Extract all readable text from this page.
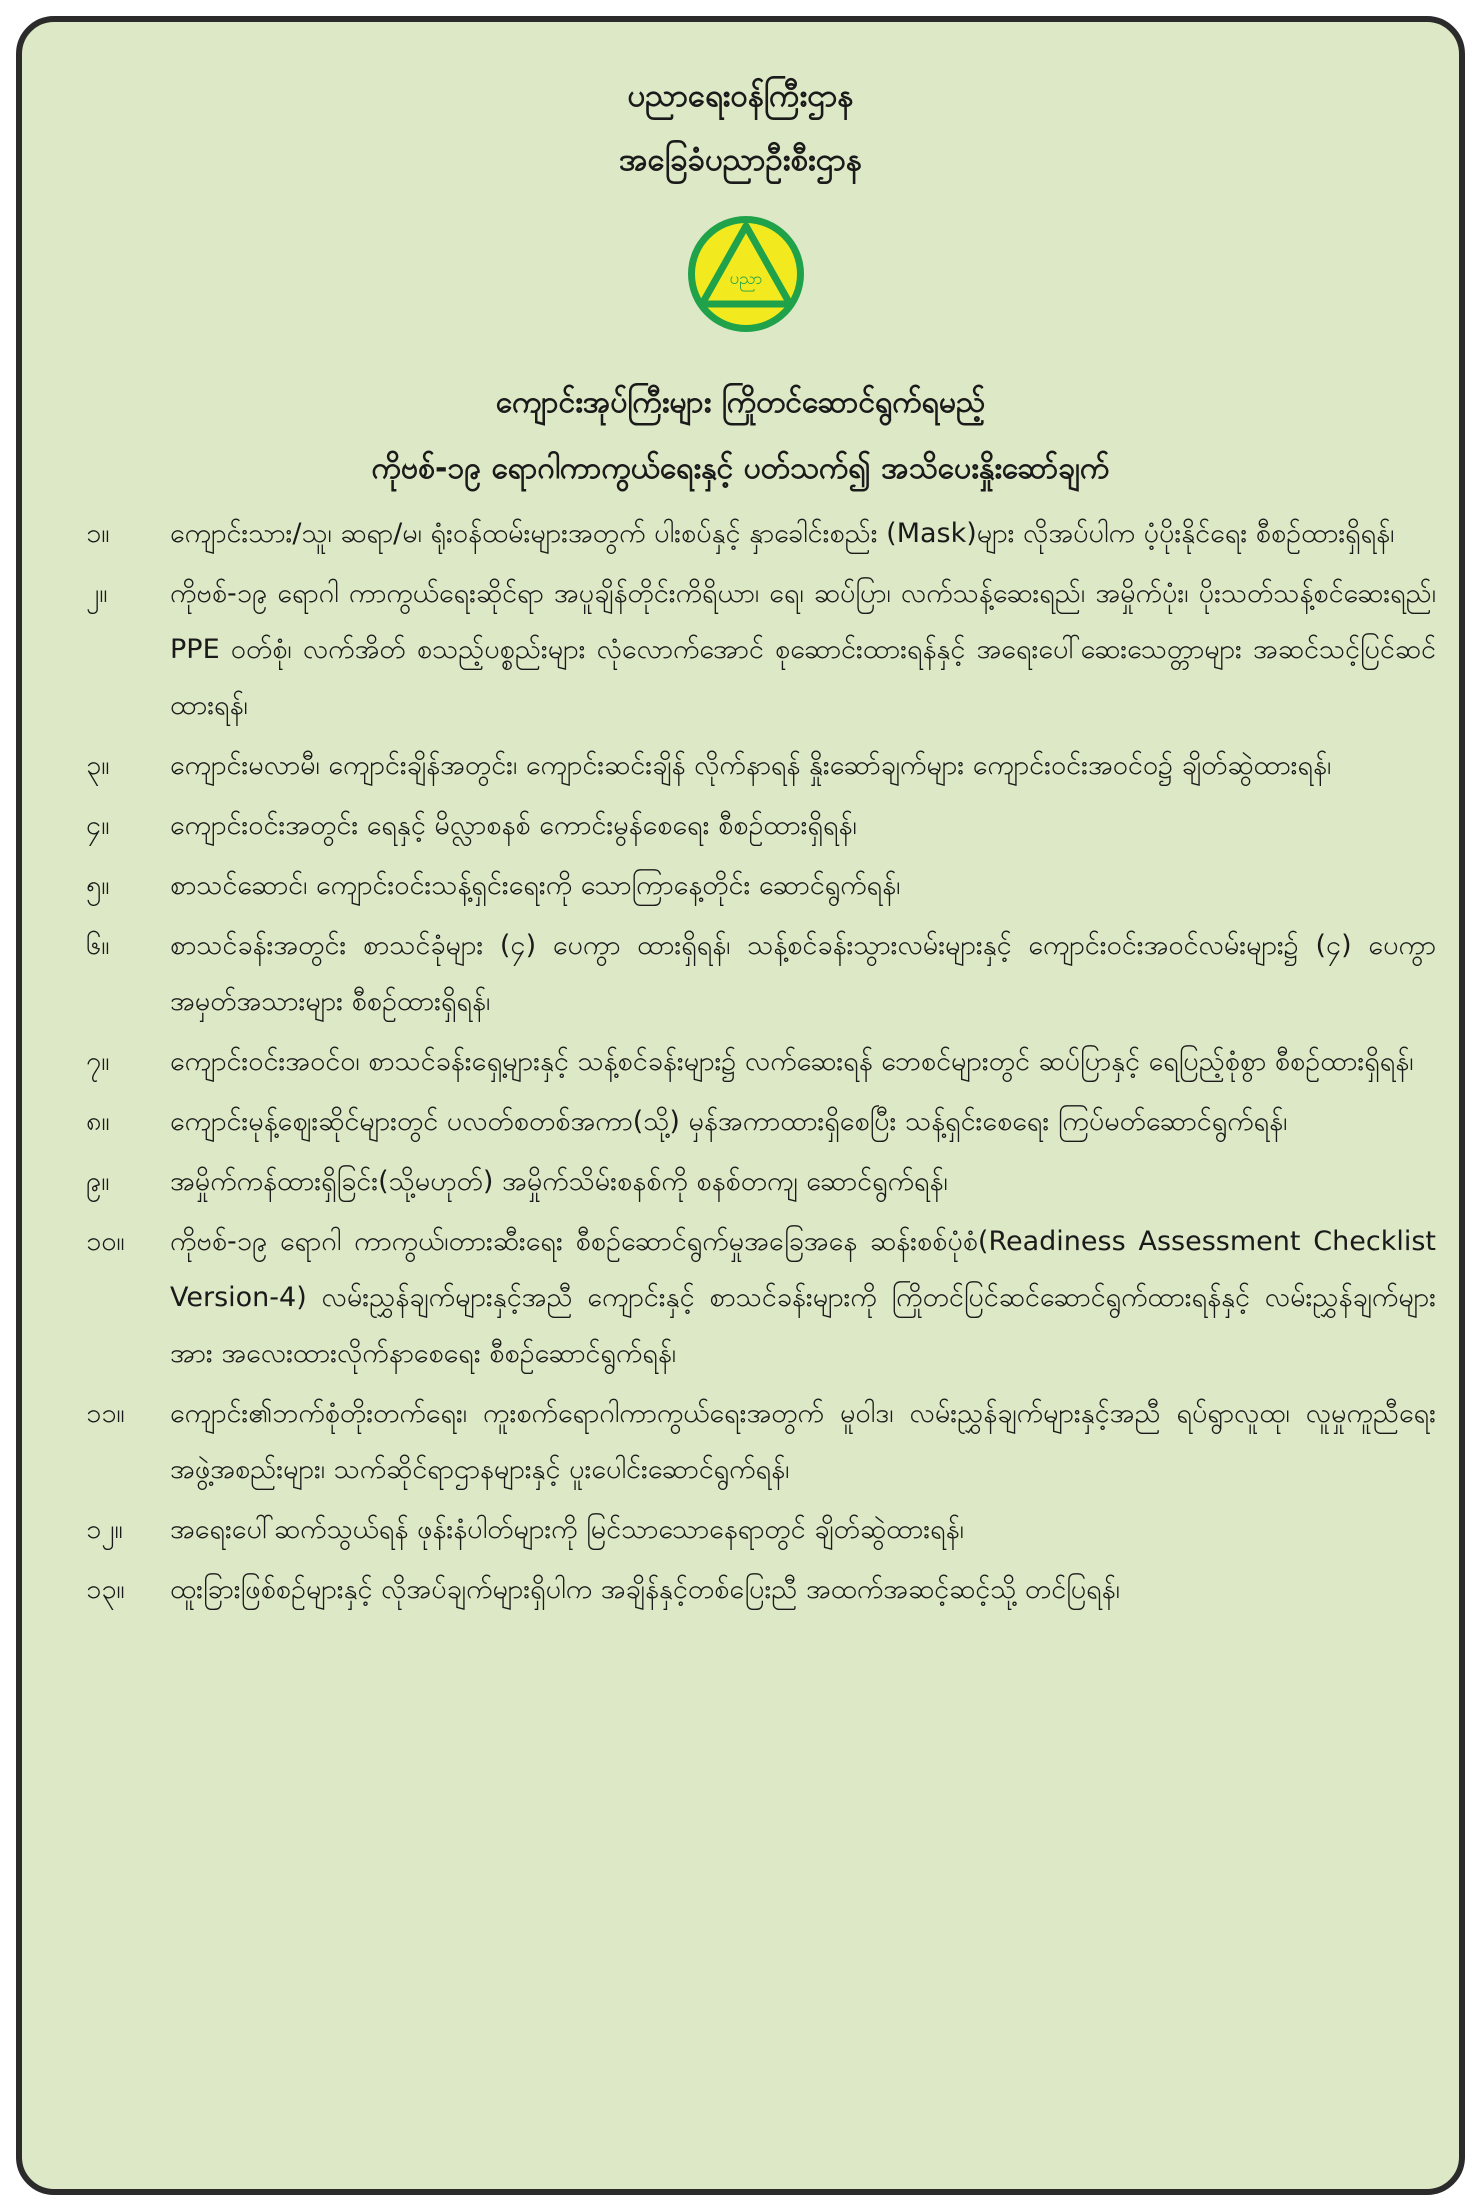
ပညာရေးဝန်ကြီးဌာန
အခြေခံပညာဦးစီးဌာန
ပညာ
ကျောင်းအုပ်ကြီးများ ကြိုတင်ဆောင်ရွက်ရမည့်
ကိုဗစ်-၁၉ ရောဂါကာကွယ်ရေးနှင့် ပတ်သက်၍ အသိပေးနှိုးဆော်ချက်
၁။	ကျောင်းသား/သူ၊ ဆရာ/မ၊ ရုံးဝန်ထမ်းများအတွက် ပါးစပ်နှင့် နှာခေါင်းစည်း (Mask)များ လိုအပ်ပါက ပံ့ပိုးနိုင်ရေး စီစဉ်ထားရှိရန်၊
၂။	ကိုဗစ်-၁၉ ရောဂါ ကာကွယ်ရေးဆိုင်ရာ အပူချိန်တိုင်းကိရိယာ၊ ရေ၊ ဆပ်ပြာ၊ လက်သန့်ဆေးရည်၊ အမှိုက်ပုံး၊ ပိုးသတ်သန့်စင်ဆေးရည်၊ PPE ဝတ်စုံ၊ လက်အိတ် စသည့်ပစ္စည်းများ လုံလောက်အောင် စုဆောင်းထားရန်နှင့် အရေးပေါ်ဆေးသေတ္တာများ အဆင်သင့်ပြင်ဆင်ထားရန်၊
၃။	ကျောင်းမလာမီ၊ ကျောင်းချိန်အတွင်း၊ ကျောင်းဆင်းချိန် လိုက်နာရန် နှိုးဆော်ချက်များ ကျောင်းဝင်းအဝင်ဝ၌ ချိတ်ဆွဲထားရန်၊
၄။	ကျောင်းဝင်းအတွင်း ရေနှင့် မိလ္လာစနစ် ကောင်းမွန်စေရေး စီစဉ်ထားရှိရန်၊
၅။	စာသင်ဆောင်၊ ကျောင်းဝင်းသန့်ရှင်းရေးကို သောကြာနေ့တိုင်း ဆောင်ရွက်ရန်၊
၆။	စာသင်ခန်းအတွင်း စာသင်ခုံများ (၄) ပေကွာ ထားရှိရန်၊ သန့်စင်ခန်းသွားလမ်းများနှင့် ကျောင်းဝင်းအဝင်လမ်းများ၌ (၄) ပေကွာ အမှတ်အသားများ စီစဉ်ထားရှိရန်၊
၇။	ကျောင်းဝင်းအဝင်ဝ၊ စာသင်ခန်းရှေ့များနှင့် သန့်စင်ခန်းများ၌ လက်ဆေးရန် ဘေစင်များတွင် ဆပ်ပြာနှင့် ရေပြည့်စုံစွာ စီစဉ်ထားရှိရန်၊
၈။	ကျောင်းမုန့်ဈေးဆိုင်များတွင် ပလတ်စတစ်အကာ(သို့) မှန်အကာထားရှိစေပြီး သန့်ရှင်းစေရေး ကြပ်မတ်ဆောင်ရွက်ရန်၊
၉။	အမှိုက်ကန်ထားရှိခြင်း(သို့မဟုတ်) အမှိုက်သိမ်းစနစ်ကို စနစ်တကျ ဆောင်ရွက်ရန်၊
၁၀။	ကိုဗစ်-၁၉ ရောဂါ ကာကွယ်၊တားဆီးရေး စီစဉ်ဆောင်ရွက်မှုအခြေအနေ ဆန်းစစ်ပုံစံ(Readiness Assessment Checklist Version-4) လမ်းညွှန်ချက်များနှင့်အညီ ကျောင်းနှင့် စာသင်ခန်းများကို ကြိုတင်ပြင်ဆင်ဆောင်ရွက်ထားရန်နှင့် လမ်းညွှန်ချက်များအား အလေးထားလိုက်နာစေရေး စီစဉ်ဆောင်ရွက်ရန်၊
၁၁။	ကျောင်း၏ဘက်စုံတိုးတက်ရေး၊ ကူးစက်ရောဂါကာကွယ်ရေးအတွက် မူဝါဒ၊ လမ်းညွှန်ချက်များနှင့်အညီ ရပ်ရွာလူထု၊ လူမှုကူညီရေးအဖွဲ့အစည်းများ၊ သက်ဆိုင်ရာဌာနများနှင့် ပူးပေါင်းဆောင်ရွက်ရန်၊
၁၂။	အရေးပေါ်ဆက်သွယ်ရန် ဖုန်းနံပါတ်များကို မြင်သာသောနေရာတွင် ချိတ်ဆွဲထားရန်၊
၁၃။	ထူးခြားဖြစ်စဉ်များနှင့် လိုအပ်ချက်များရှိပါက အချိန်နှင့်တစ်ပြေးညီ အထက်အဆင့်ဆင့်သို့ တင်ပြရန်၊
